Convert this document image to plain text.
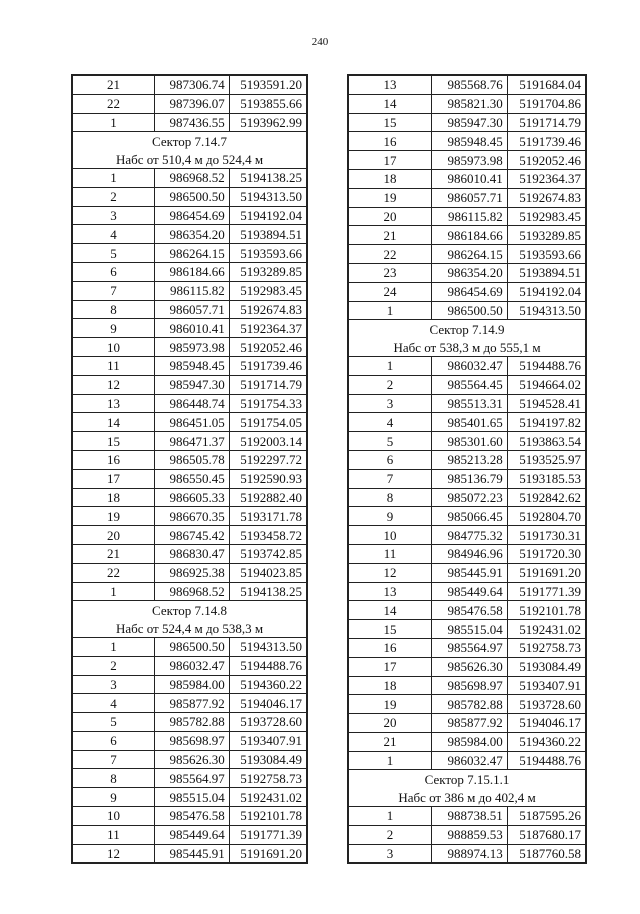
240
21	987306.74	5193591.20
22	987396.07	5193855.66
1	987436.55	5193962.99
Сектор 7.14.7		
Набс от 510,4 м до 524,4 м		
1	986968.52	5194138.25
2	986500.50	5194313.50
3	986454.69	5194192.04
4	986354.20	5193894.51
5	986264.15	5193593.66
6	986184.66	5193289.85
7	986115.82	5192983.45
8	986057.71	5192674.83
9	986010.41	5192364.37
10	985973.98	5192052.46
11	985948.45	5191739.46
12	985947.30	5191714.79
13	986448.74	5191754.33
14	986451.05	5191754.05
15	986471.37	5192003.14
16	986505.78	5192297.72
17	986550.45	5192590.93
18	986605.33	5192882.40
19	986670.35	5193171.78
20	986745.42	5193458.72
21	986830.47	5193742.85
22	986925.38	5194023.85
1	986968.52	5194138.25
Сектор 7.14.8		
Набс от 524,4 м до 538,3 м		
1	986500.50	5194313.50
2	986032.47	5194488.76
3	985984.00	5194360.22
4	985877.92	5194046.17
5	985782.88	5193728.60
6	985698.97	5193407.91
7	985626.30	5193084.49
8	985564.97	5192758.73
9	985515.04	5192431.02
10	985476.58	5192101.78
11	985449.64	5191771.39
12	985445.91	5191691.20
13	985568.76	5191684.04
14	985821.30	5191704.86
15	985947.30	5191714.79
16	985948.45	5191739.46
17	985973.98	5192052.46
18	986010.41	5192364.37
19	986057.71	5192674.83
20	986115.82	5192983.45
21	986184.66	5193289.85
22	986264.15	5193593.66
23	986354.20	5193894.51
24	986454.69	5194192.04
1	986500.50	5194313.50
Сектор 7.14.9		
Набс от 538,3 м до 555,1 м		
1	986032.47	5194488.76
2	985564.45	5194664.02
3	985513.31	5194528.41
4	985401.65	5194197.82
5	985301.60	5193863.54
6	985213.28	5193525.97
7	985136.79	5193185.53
8	985072.23	5192842.62
9	985066.45	5192804.70
10	984775.32	5191730.31
11	984946.96	5191720.30
12	985445.91	5191691.20
13	985449.64	5191771.39
14	985476.58	5192101.78
15	985515.04	5192431.02
16	985564.97	5192758.73
17	985626.30	5193084.49
18	985698.97	5193407.91
19	985782.88	5193728.60
20	985877.92	5194046.17
21	985984.00	5194360.22
1	986032.47	5194488.76
Сектор 7.15.1.1		
Набс от 386 м до 402,4 м		
1	988738.51	5187595.26
2	988859.53	5187680.17
3	988974.13	5187760.58
